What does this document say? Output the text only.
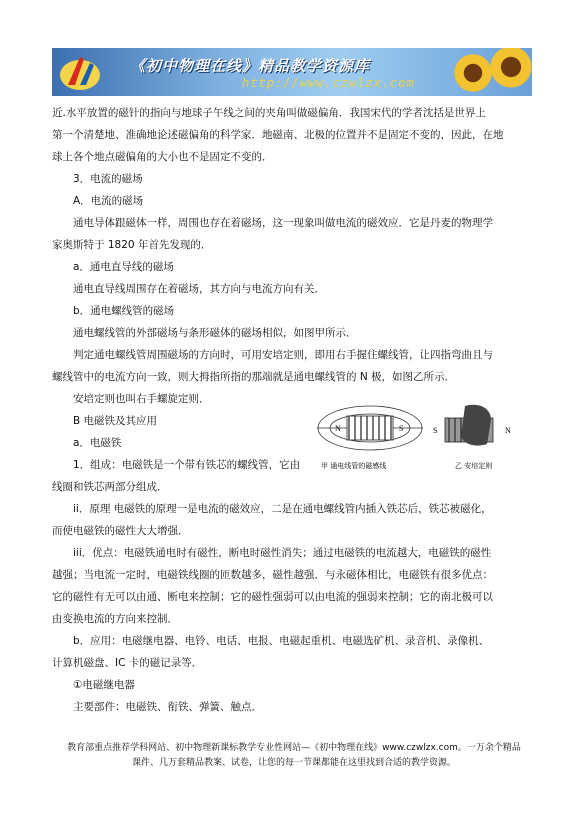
《初中物理在线》精品教学资源库
http://www.czwlzx.com

近.水平放置的磁针的指向与地球子午线之间的夹角叫做磁偏角．我国宋代的学者沈括是世界上

第一个清楚地、准确地论述磁偏角的科学家．地磁南、北极的位置并不是固定不变的，因此，在地

球上各个地点磁偏角的大小也不是固定不变的．

3．电流的磁场

A．电流的磁场

通电导体跟磁体一样，周围也存在着磁场，这一现象叫做电流的磁效应．它是丹麦的物理学

家奥斯特于 1820 年首先发现的．

a．通电直导线的磁场

通电直导线周围存在着磁场，其方向与电流方向有关．

b．通电螺线管的磁场

通电螺线管的外部磁场与条形磁体的磁场相似，如图甲所示．

判定通电螺线管周围磁场的方向时，可用安培定则，即用右手握住螺线管，让四指弯曲且与

螺线管中的电流方向一致，则大拇指所指的那端就是通电螺线管的 N 极，如图乙所示．

安培定则也叫右手螺旋定则．

B 电磁铁及其应用

a．电磁铁

1．组成：电磁铁是一个带有铁芯的螺线管，它由

线圈和铁芯两部分组成．

ii．原理 电磁铁的原理一是电流的磁效应，二是在通电螺线管内插入铁芯后，铁芯被磁化，

而使电磁铁的磁性大大增强．

iii．优点：电磁铁通电时有磁性，断电时磁性消失；通过电磁铁的电流越大，电磁铁的磁性

越强；当电流一定时，电磁铁线圈的匝数越多，磁性越强．与永磁体相比，电磁铁有很多优点：

它的磁性有无可以由通、断电来控制；它的磁性强弱可以由电流的强弱来控制；它的南北极可以

由变换电流的方向来控制．

b．应用：电磁继电器、电铃、电话、电报、电磁起重机、电磁选矿机、录音机、录像机、

计算机磁盘、IC 卡的磁记录等．

①电磁继电器

主要部件：电磁铁、衔铁、弹簧、触点．

N	S	S	N
甲 通电线管的磁感线	乙 安培定则
教育部重点推荐学科网站、初中物理新课标教学专业性网站—《初中物理在线》www.czwlzx.com。一万余个精品
课件、几万套精品教案、试卷，让您的每一节课都能在这里找到合适的教学资源。
